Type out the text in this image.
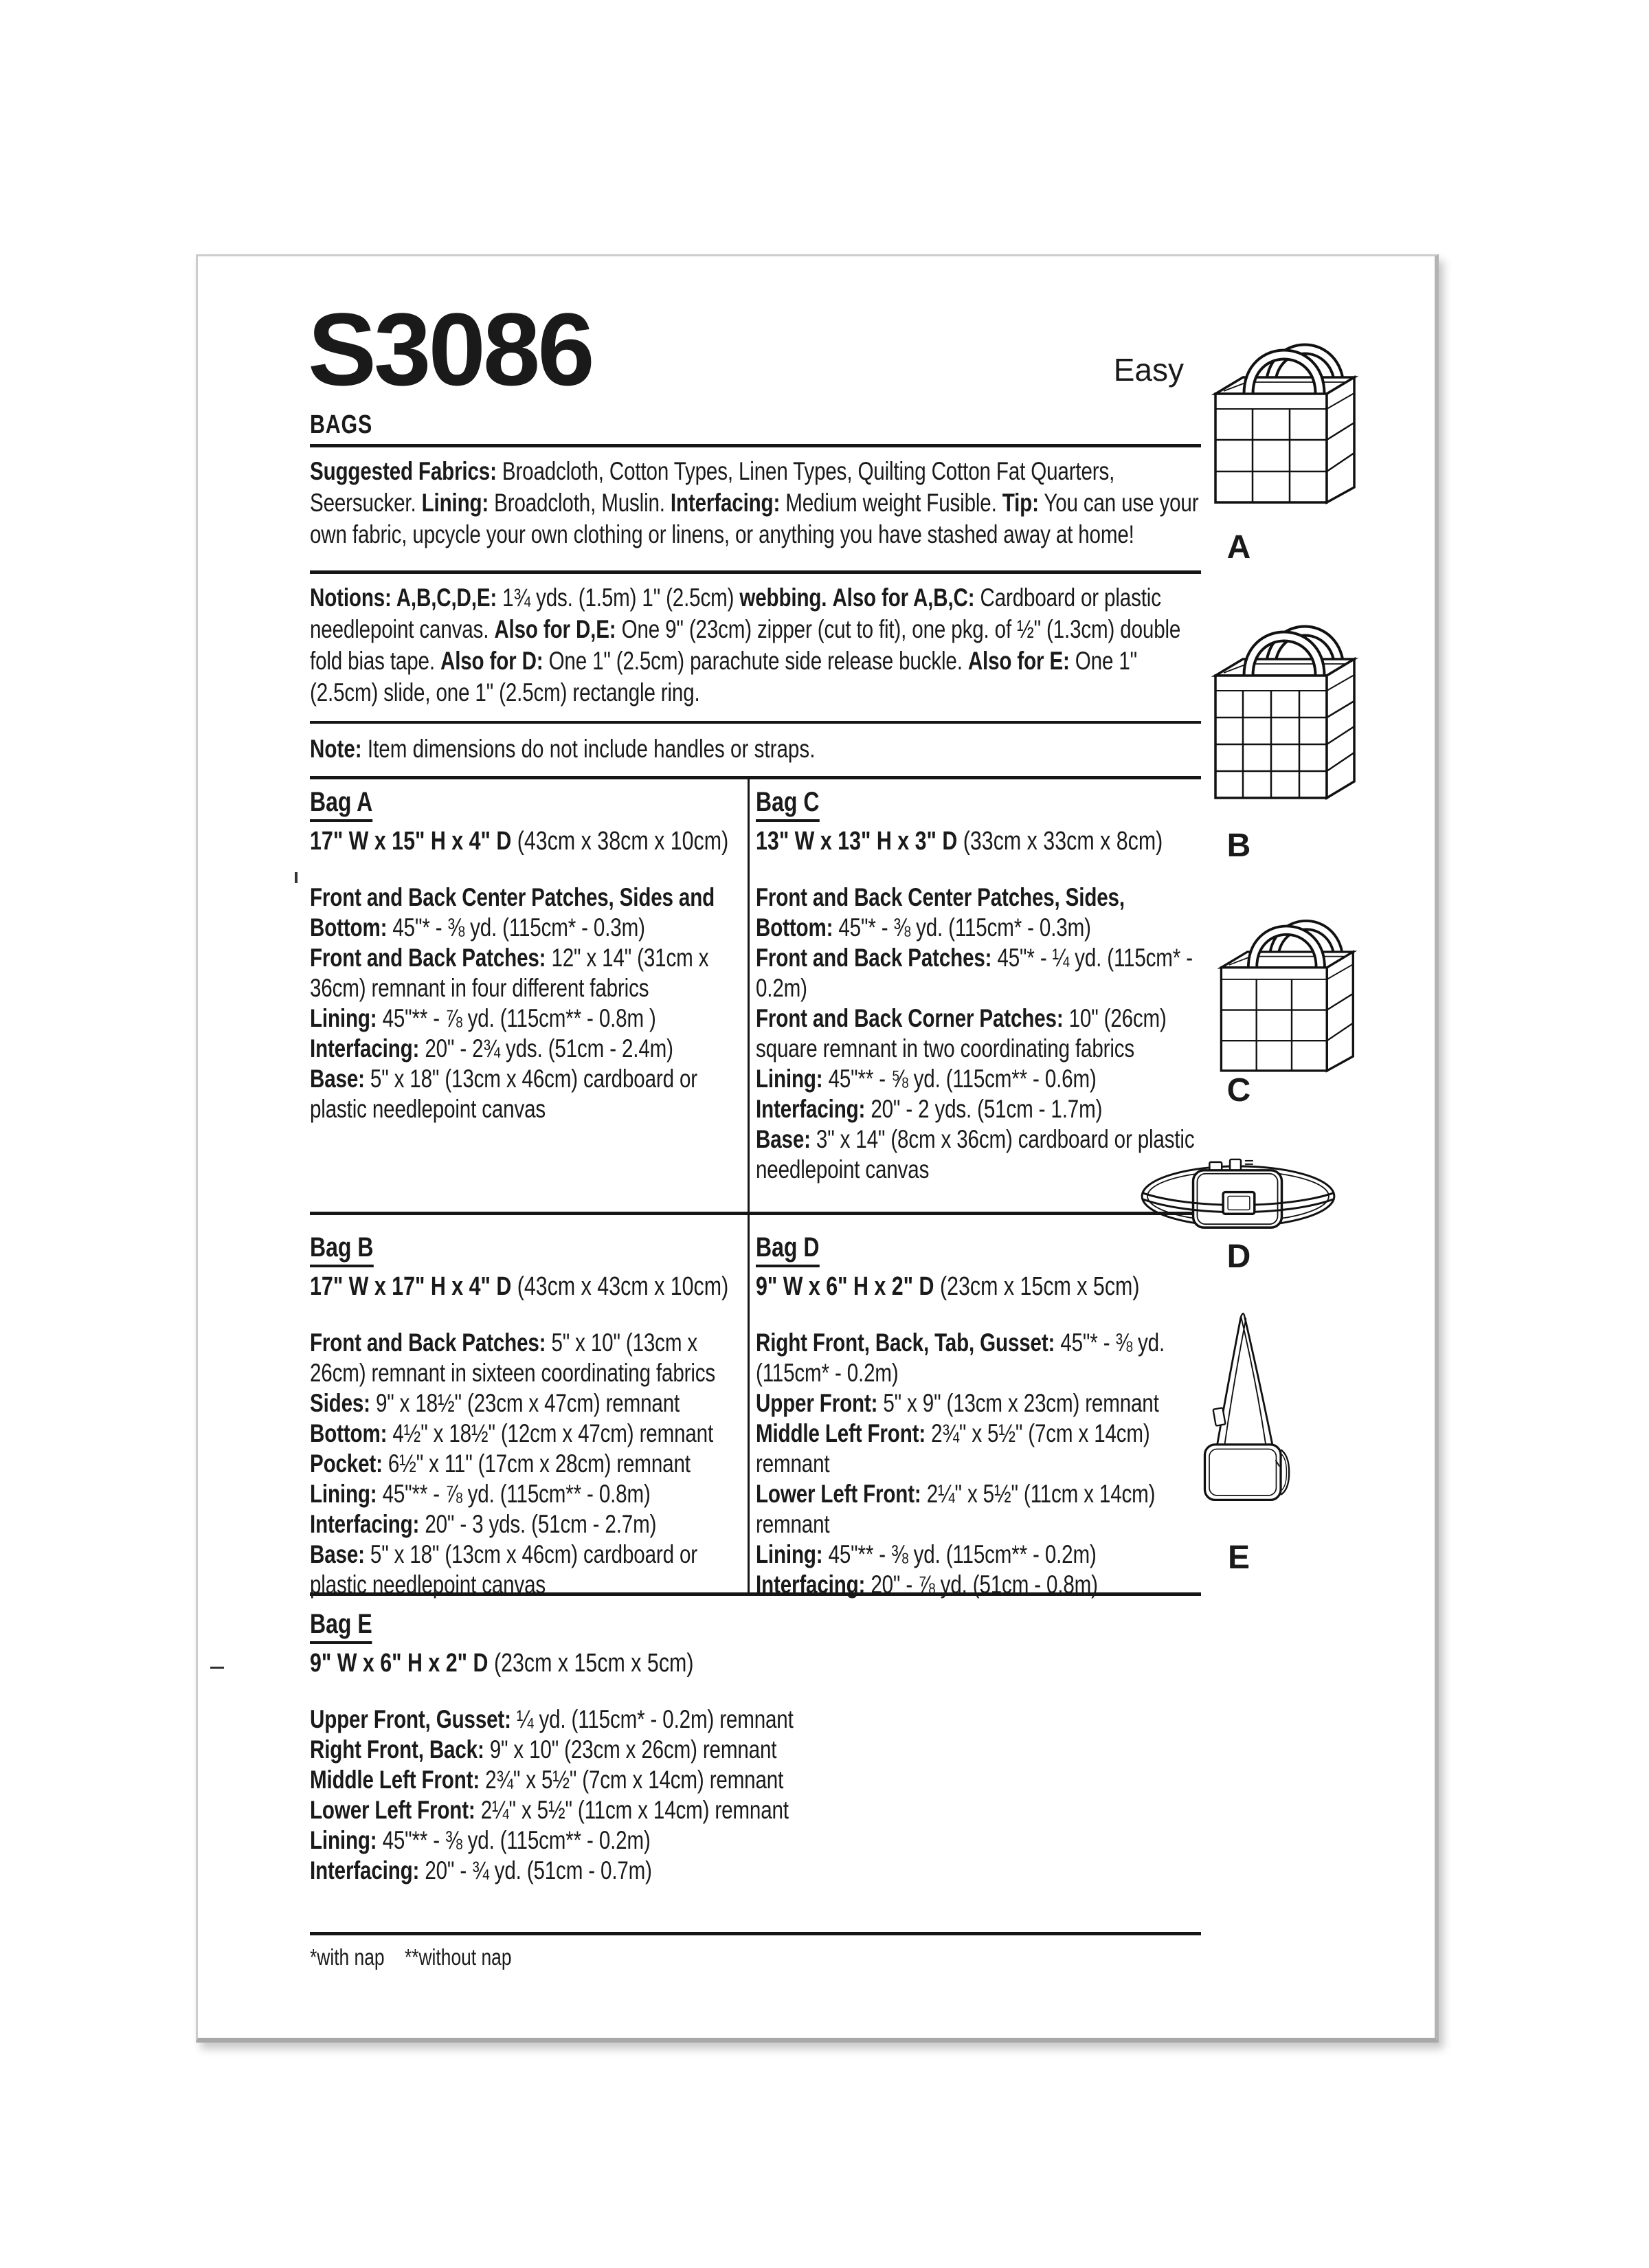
S3086	Easy
BAGS
Suggested Fabrics: Broadcloth, Cotton Types, Linen Types, Quilting Cotton Fat Quarters, Seersucker. Lining: Broadcloth, Muslin. Interfacing: Medium weight Fusible. Tip: You can use your own fabric, upcycle your own clothing or linens, or anything you have stashed away at home!
Notions: A,B,C,D,E: 1¾ yds. (1.5m) 1" (2.5cm) webbing. Also for A,B,C: Cardboard or plastic needlepoint canvas. Also for D,E: One 9" (23cm) zipper (cut to fit), one pkg. of ½" (1.3cm) double fold bias tape. Also for D: One 1" (2.5cm) parachute side release buckle. Also for E: One 1" (2.5cm) slide, one 1" (2.5cm) rectangle ring.
Note: Item dimensions do not include handles or straps.
Bag A
17" W x 15" H x 4" D (43cm x 38cm x 10cm)
Front and Back Center Patches, Sides and Bottom: 45"* - ⅜ yd. (115cm* - 0.3m)
Front and Back Patches: 12" x 14" (31cm x 36cm) remnant in four different fabrics
Lining: 45"** - ⅞ yd. (115cm** - 0.8m )
Interfacing: 20" - 2¾ yds. (51cm - 2.4m)
Base: 5" x 18" (13cm x 46cm) cardboard or plastic needlepoint canvas
Bag C
13" W x 13" H x 3" D (33cm x 33cm x 8cm)
Front and Back Center Patches, Sides, Bottom: 45"* - ⅜ yd. (115cm* - 0.3m)
Front and Back Patches: 45"* - ¼ yd. (115cm* - 0.2m)
Front and Back Corner Patches: 10" (26cm) square remnant in two coordinating fabrics
Lining: 45"** - ⅝ yd. (115cm** - 0.6m)
Interfacing: 20" - 2 yds. (51cm - 1.7m)
Base: 3" x 14" (8cm x 36cm) cardboard or plastic needlepoint canvas
Bag B
17" W x 17" H x 4" D (43cm x 43cm x 10cm)
Front and Back Patches: 5" x 10" (13cm x 26cm) remnant in sixteen coordinating fabrics
Sides: 9" x 18½" (23cm x 47cm) remnant
Bottom: 4½" x 18½" (12cm x 47cm) remnant
Pocket: 6½" x 11" (17cm x 28cm) remnant
Lining: 45"** - ⅞ yd. (115cm** - 0.8m)
Interfacing: 20" - 3 yds. (51cm - 2.7m)
Base: 5" x 18" (13cm x 46cm) cardboard or plastic needlepoint canvas
Bag D
9" W x 6" H x 2" D (23cm x 15cm x 5cm)
Right Front, Back, Tab, Gusset: 45"* - ⅜ yd. (115cm* - 0.2m)
Upper Front: 5" x 9" (13cm x 23cm) remnant
Middle Left Front: 2¾" x 5½" (7cm x 14cm) remnant
Lower Left Front: 2¼" x 5½" (11cm x 14cm) remnant
Lining: 45"** - ⅜ yd. (115cm** - 0.2m)
Interfacing: 20" - ⅞ yd. (51cm - 0.8m)
Bag E
9" W x 6" H x 2" D (23cm x 15cm x 5cm)
Upper Front, Gusset: ¼ yd. (115cm* - 0.2m) remnant
Right Front, Back: 9" x 10" (23cm x 26cm) remnant
Middle Left Front: 2¾" x 5½" (7cm x 14cm) remnant
Lower Left Front: 2¼" x 5½" (11cm x 14cm) remnant
Lining: 45"** - ⅜ yd. (115cm** - 0.2m)
Interfacing: 20" - ¾ yd. (51cm - 0.7m)
*with nap    **without nap
A
B
C
D
E
